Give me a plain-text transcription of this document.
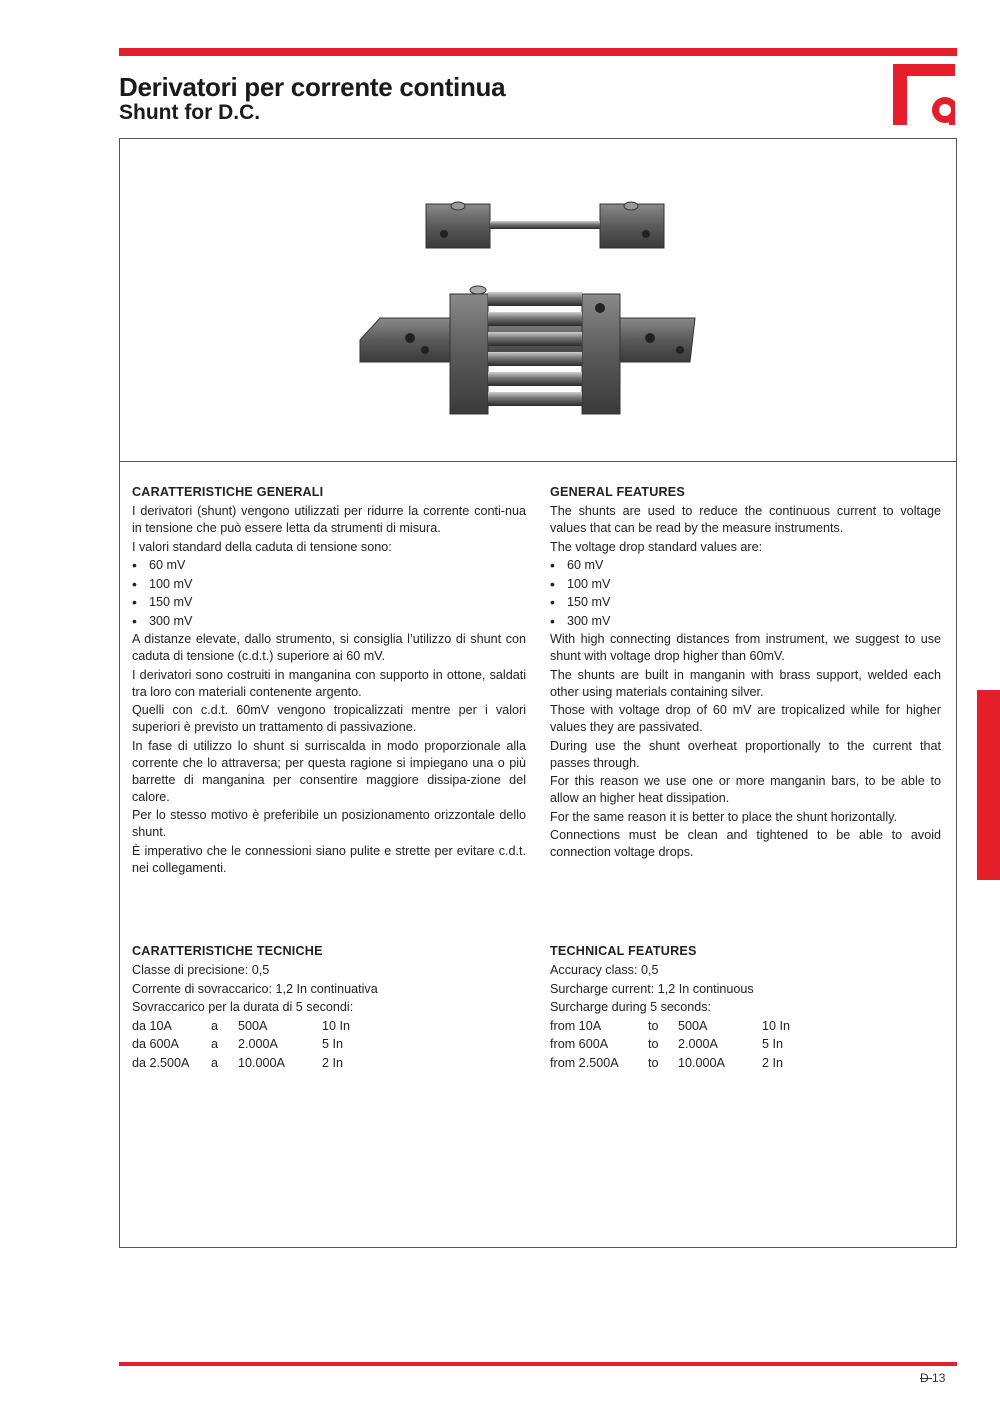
Derivatori per corrente continua
Shunt for D.C.
CARATTERISTICHE GENERALI

I derivatori (shunt) vengono utilizzati per ridurre la corrente conti-nua in tensione che può essere letta da strumenti di misura.

I valori standard della caduta di tensione sono:

• 60 mV
• 100 mV
• 150 mV
• 300 mV

A distanze elevate, dallo strumento, si consiglia l’utilizzo di shunt con caduta di tensione (c.d.t.) superiore ai 60 mV.

I derivatori sono costruiti in manganina con supporto in ottone, saldati tra loro con materiali contenente argento.

Quelli con c.d.t. 60mV vengono tropicalizzati mentre per i valori superiori è previsto un trattamento di passivazione.

In fase di utilizzo lo shunt si surriscalda in modo proporzionale alla corrente che lo attraversa; per questa ragione si impiegano una o più barrette di manganina per consentire maggiore dissipa-zione del calore.

Per lo stesso motivo è preferibile un posizionamento orizzontale dello shunt.

È imperativo che le connessioni siano pulite e strette per evitare c.d.t. nei collegamenti.

GENERAL FEATURES

The shunts are used to reduce the continuous current to voltage values that can be read by the measure instruments.

The voltage drop standard values are:

• 60 mV
• 100 mV
• 150 mV
• 300 mV

With high connecting distances from instrument, we suggest to use shunt with voltage drop higher than 60mV.

The shunts are built in manganin with brass support, welded each other using materials containing silver.

Those with voltage drop of 60 mV are tropicalized while for higher values they are passivated.

During use the shunt overheat proportionally to the current that passes through.

For this reason we use one or more manganin bars, to be able to allow an higher heat dissipation.

For the same reason it is better to place the shunt horizontally.

Connections must be clean and tightened to be able to avoid connection voltage drops.

CARATTERISTICHE TECNICHE

Classe di precisione: 0,5

Corrente di sovraccarico: 1,2 In continuativa

Sovraccarico per la durata di 5 secondi:

da 10A	a	500A	10 In
da 600A	a	2.000A	5 In
da 2.500A	a	10.000A	2 In
TECHNICAL FEATURES

Accuracy class: 0,5

Surcharge current: 1,2 In continuous

Surcharge during 5 seconds:

from 10A	to	500A	10 In
from 600A	to	2.000A	5 In
from 2.500A	to	10.000A	2 In
D 13
